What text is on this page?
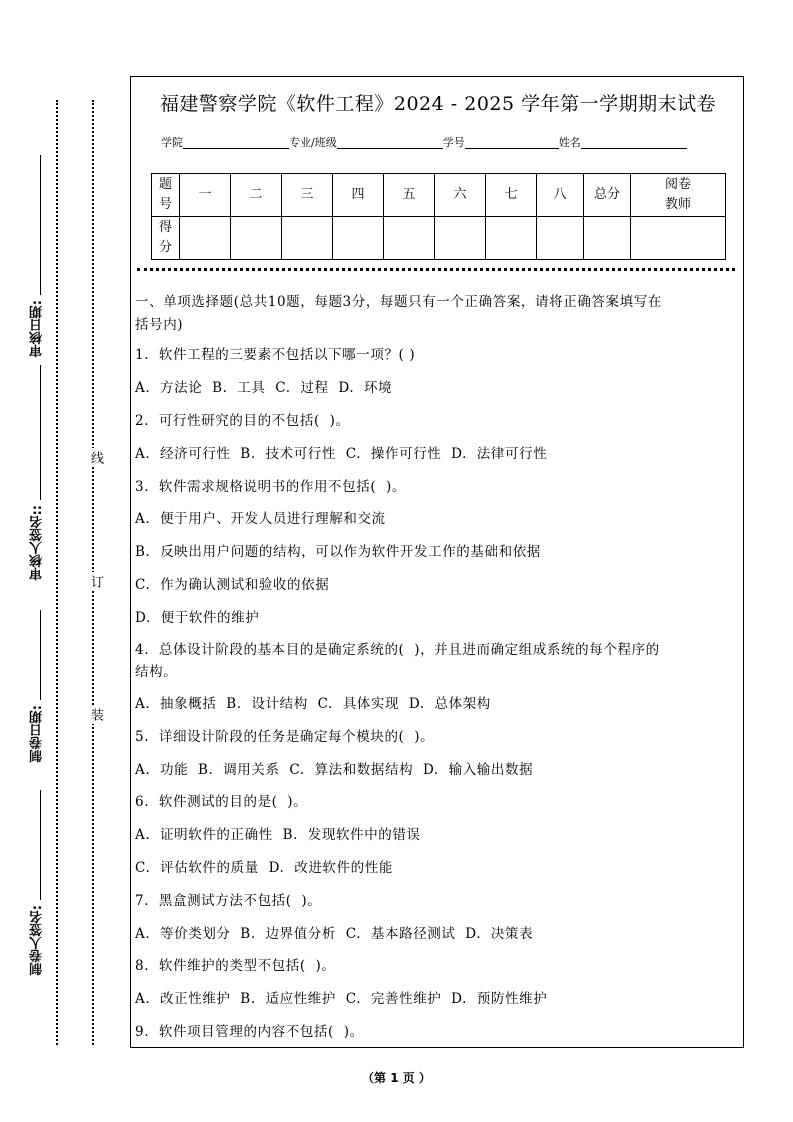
审核日期:
审核人签名::
制卷日期:
制卷人签名:
线
订
装
福建警察学院《软件工程》2024 - 2025 学年第一学期期末试卷
学院	专业/班级	学号	姓名
题
号	一	二	三	四	五	六	七	八	总分	阅卷
教师
得
分										
一、单项选择题(总共10题，每题3分，每题只有一个正确答案，请将正确答案填写在
括号内)
1.  软件工程的三要素不包括以下哪一项？( )
A.  方法论  B.  工具  C.  过程  D.  环境
2.  可行性研究的目的不包括(  )。
A.  经济可行性  B.  技术可行性  C.  操作可行性  D.  法律可行性
3.  软件需求规格说明书的作用不包括(  )。
A.  便于用户、开发人员进行理解和交流
B.  反映出用户问题的结构，可以作为软件开发工作的基础和依据
C.  作为确认测试和验收的依据
D.  便于软件的维护
4.  总体设计阶段的基本目的是确定系统的(  )，并且进而确定组成系统的每个程序的
结构。
A.  抽象概括  B.  设计结构  C.  具体实现  D.  总体架构
5.  详细设计阶段的任务是确定每个模块的(  )。
A.  功能  B.  调用关系  C.  算法和数据结构  D.  输入输出数据
6.  软件测试的目的是(  )。
A.  证明软件的正确性  B.  发现软件中的错误
C.  评估软件的质量  D.  改进软件的性能
7.  黑盒测试方法不包括(  )。
A.  等价类划分  B.  边界值分析  C.  基本路径测试  D.  决策表
8.  软件维护的类型不包括(  )。
A.  改正性维护  B.  适应性维护  C.  完善性维护  D.  预防性维护
9.  软件项目管理的内容不包括(  )。
（第 1 页 ）
